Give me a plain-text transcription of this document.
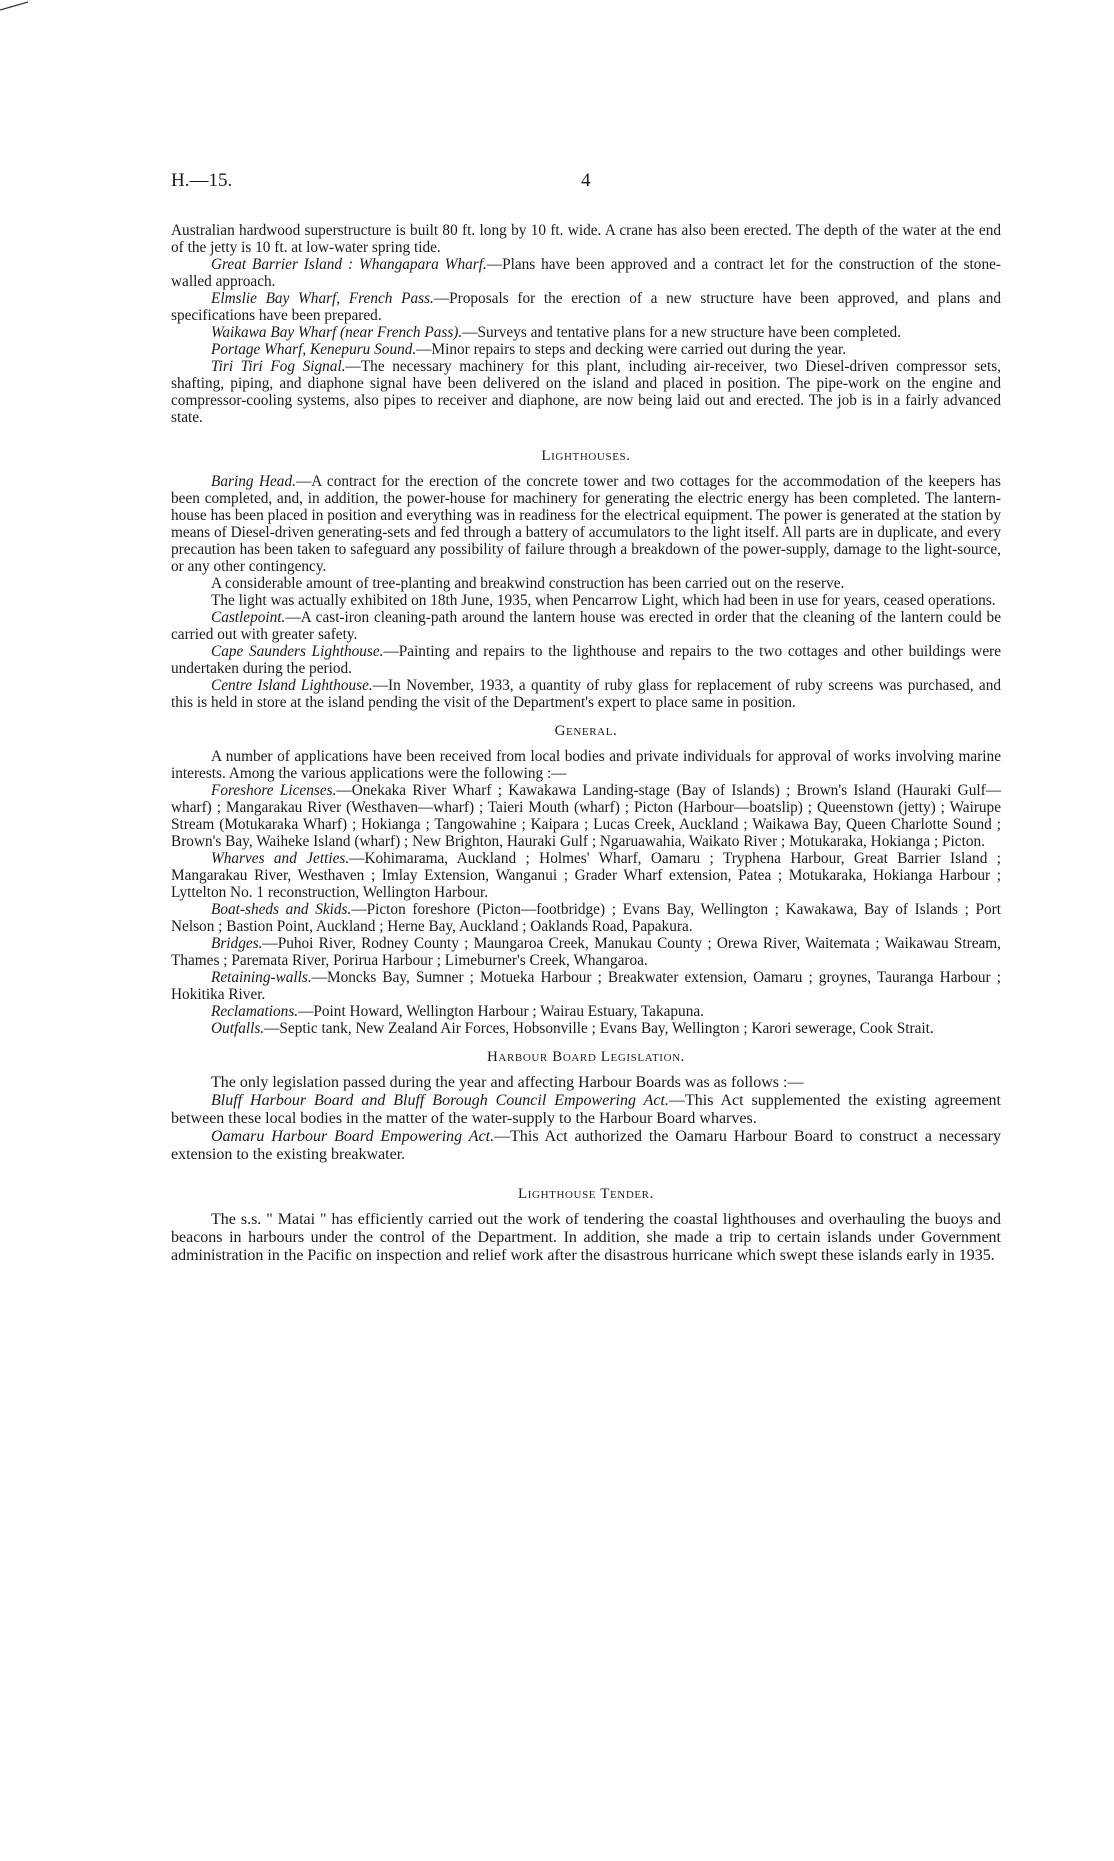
H.—15.	4

Australian hardwood superstructure is built 80 ft. long by 10 ft. wide. A crane has also been erected. The depth of the water at the end of the jetty is 10 ft. at low-water spring tide.

Great Barrier Island : Whangapara Wharf.—Plans have been approved and a contract let for the construction of the stone-walled approach.

Elmslie Bay Wharf, French Pass.—Proposals for the erection of a new structure have been approved, and plans and specifications have been prepared.

Waikawa Bay Wharf (near French Pass).—Surveys and tentative plans for a new structure have been completed.

Portage Wharf, Kenepuru Sound.—Minor repairs to steps and decking were carried out during the year.

Tiri Tiri Fog Signal.—The necessary machinery for this plant, including air-receiver, two Diesel-driven compressor sets, shafting, piping, and diaphone signal have been delivered on the island and placed in position. The pipe-work on the engine and compressor-cooling systems, also pipes to receiver and diaphone, are now being laid out and erected. The job is in a fairly advanced state.

Lighthouses.

Baring Head.—A contract for the erection of the concrete tower and two cottages for the accommodation of the keepers has been completed, and, in addition, the power-house for machinery for generating the electric energy has been completed. The lantern-house has been placed in position and everything was in readiness for the electrical equipment. The power is generated at the station by means of Diesel-driven generating-sets and fed through a battery of accumulators to the light itself. All parts are in duplicate, and every precaution has been taken to safeguard any possibility of failure through a breakdown of the power-supply, damage to the light-source, or any other contingency.

A considerable amount of tree-planting and breakwind construction has been carried out on the reserve.

The light was actually exhibited on 18th June, 1935, when Pencarrow Light, which had been in use for years, ceased operations.

Castlepoint.—A cast-iron cleaning-path around the lantern house was erected in order that the cleaning of the lantern could be carried out with greater safety.

Cape Saunders Lighthouse.—Painting and repairs to the lighthouse and repairs to the two cottages and other buildings were undertaken during the period.

Centre Island Lighthouse.—In November, 1933, a quantity of ruby glass for replacement of ruby screens was purchased, and this is held in store at the island pending the visit of the Department's expert to place same in position.

General.

A number of applications have been received from local bodies and private individuals for approval of works involving marine interests. Among the various applications were the following :—

Foreshore Licenses.—Onekaka River Wharf ; Kawakawa Landing-stage (Bay of Islands) ; Brown's Island (Hauraki Gulf—wharf) ; Mangarakau River (Westhaven—wharf) ; Taieri Mouth (wharf) ; Picton (Harbour—boatslip) ; Queenstown (jetty) ; Wairupe Stream (Motukaraka Wharf) ; Hokianga ; Tangowahine ; Kaipara ; Lucas Creek, Auckland ; Waikawa Bay, Queen Charlotte Sound ; Brown's Bay, Waiheke Island (wharf) ; New Brighton, Hauraki Gulf ; Ngaruawahia, Waikato River ; Motukaraka, Hokianga ; Picton.

Wharves and Jetties.—Kohimarama, Auckland ; Holmes' Wharf, Oamaru ; Tryphena Harbour, Great Barrier Island ; Mangarakau River, Westhaven ; Imlay Extension, Wanganui ; Grader Wharf extension, Patea ; Motukaraka, Hokianga Harbour ; Lyttelton No. 1 reconstruction, Wellington Harbour.

Boat-sheds and Skids.—Picton foreshore (Picton—footbridge) ; Evans Bay, Wellington ; Kawakawa, Bay of Islands ; Port Nelson ; Bastion Point, Auckland ; Herne Bay, Auckland ; Oaklands Road, Papakura.

Bridges.—Puhoi River, Rodney County ; Maungaroa Creek, Manukau County ; Orewa River, Waitemata ; Waikawau Stream, Thames ; Paremata River, Porirua Harbour ; Limeburner's Creek, Whangaroa.

Retaining-walls.—Moncks Bay, Sumner ; Motueka Harbour ; Breakwater extension, Oamaru ; groynes, Tauranga Harbour ; Hokitika River.

Reclamations.—Point Howard, Wellington Harbour ; Wairau Estuary, Takapuna.

Outfalls.—Septic tank, New Zealand Air Forces, Hobsonville ; Evans Bay, Wellington ; Karori sewerage, Cook Strait.

Harbour Board Legislation.

The only legislation passed during the year and affecting Harbour Boards was as follows :—

Bluff Harbour Board and Bluff Borough Council Empowering Act.—This Act supplemented the existing agreement between these local bodies in the matter of the water-supply to the Harbour Board wharves.

Oamaru Harbour Board Empowering Act.—This Act authorized the Oamaru Harbour Board to construct a necessary extension to the existing breakwater.

Lighthouse Tender.

The s.s. " Matai " has efficiently carried out the work of tendering the coastal lighthouses and overhauling the buoys and beacons in harbours under the control of the Department. In addition, she made a trip to certain islands under Government administration in the Pacific on inspection and relief work after the disastrous hurricane which swept these islands early in 1935.
